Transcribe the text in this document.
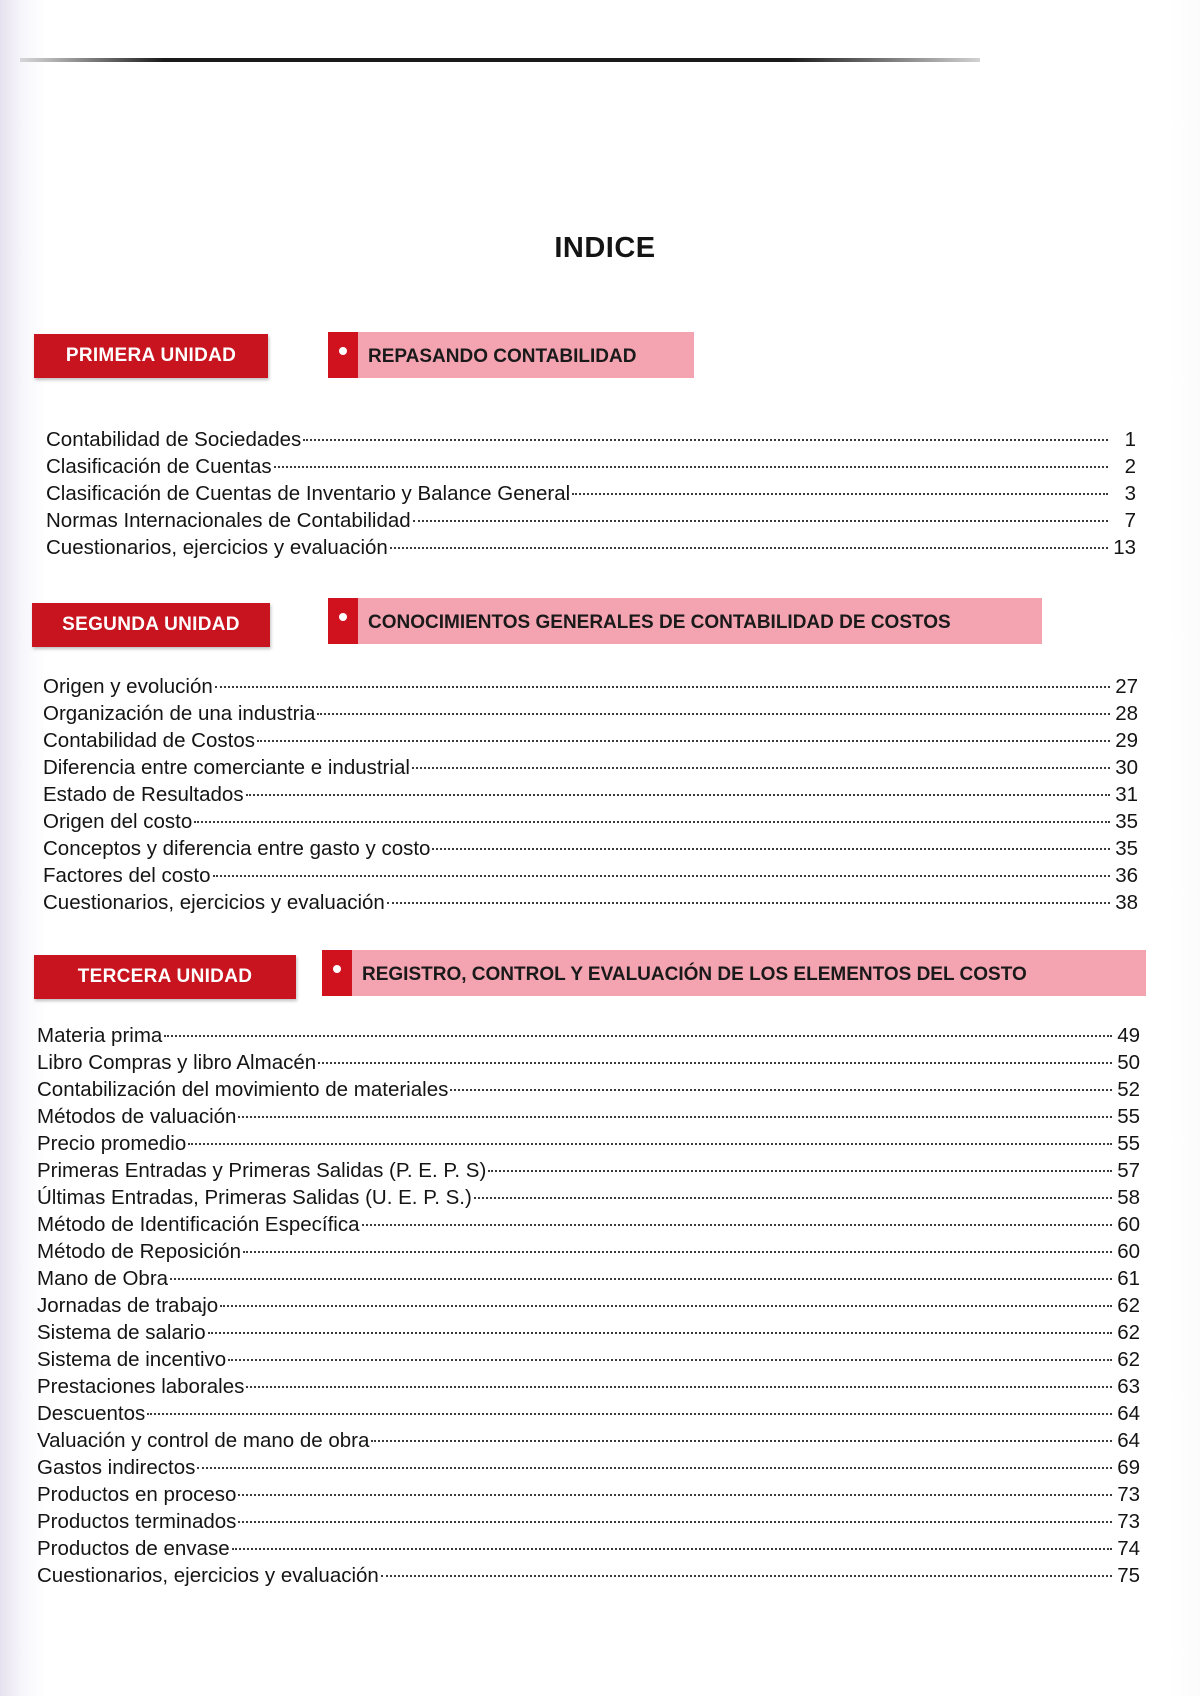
INDICE
PRIMERA UNIDAD	REPASANDO CONTABILIDAD
Contabilidad de Sociedades	1
Clasificación de Cuentas	2
Clasificación de Cuentas de Inventario y Balance General	3
Normas Internacionales de Contabilidad	7
Cuestionarios, ejercicios y evaluación	13
SEGUNDA UNIDAD	CONOCIMIENTOS GENERALES DE CONTABILIDAD DE COSTOS
Origen y evolución	27
Organización de una industria	28
Contabilidad de Costos	29
Diferencia entre comerciante e industrial	30
Estado de Resultados	31
Origen del costo	35
Conceptos y diferencia entre gasto y costo	35
Factores del costo	36
Cuestionarios, ejercicios y evaluación	38
TERCERA UNIDAD	REGISTRO, CONTROL Y EVALUACIÓN DE LOS ELEMENTOS DEL COSTO
Materia prima	49
Libro Compras y libro Almacén	50
Contabilización del movimiento de materiales	52
Métodos de valuación	55
Precio promedio	55
Primeras Entradas y Primeras Salidas (P. E. P. S)	57
Últimas Entradas, Primeras Salidas (U. E. P. S.)	58
Método de Identificación Específica	60
Método de Reposición	60
Mano de Obra	61
Jornadas de trabajo	62
Sistema de salario	62
Sistema de incentivo	62
Prestaciones laborales	63
Descuentos	64
Valuación y control de mano de obra	64
Gastos indirectos	69
Productos en proceso	73
Productos terminados	73
Productos de envase	74
Cuestionarios, ejercicios y evaluación	75
